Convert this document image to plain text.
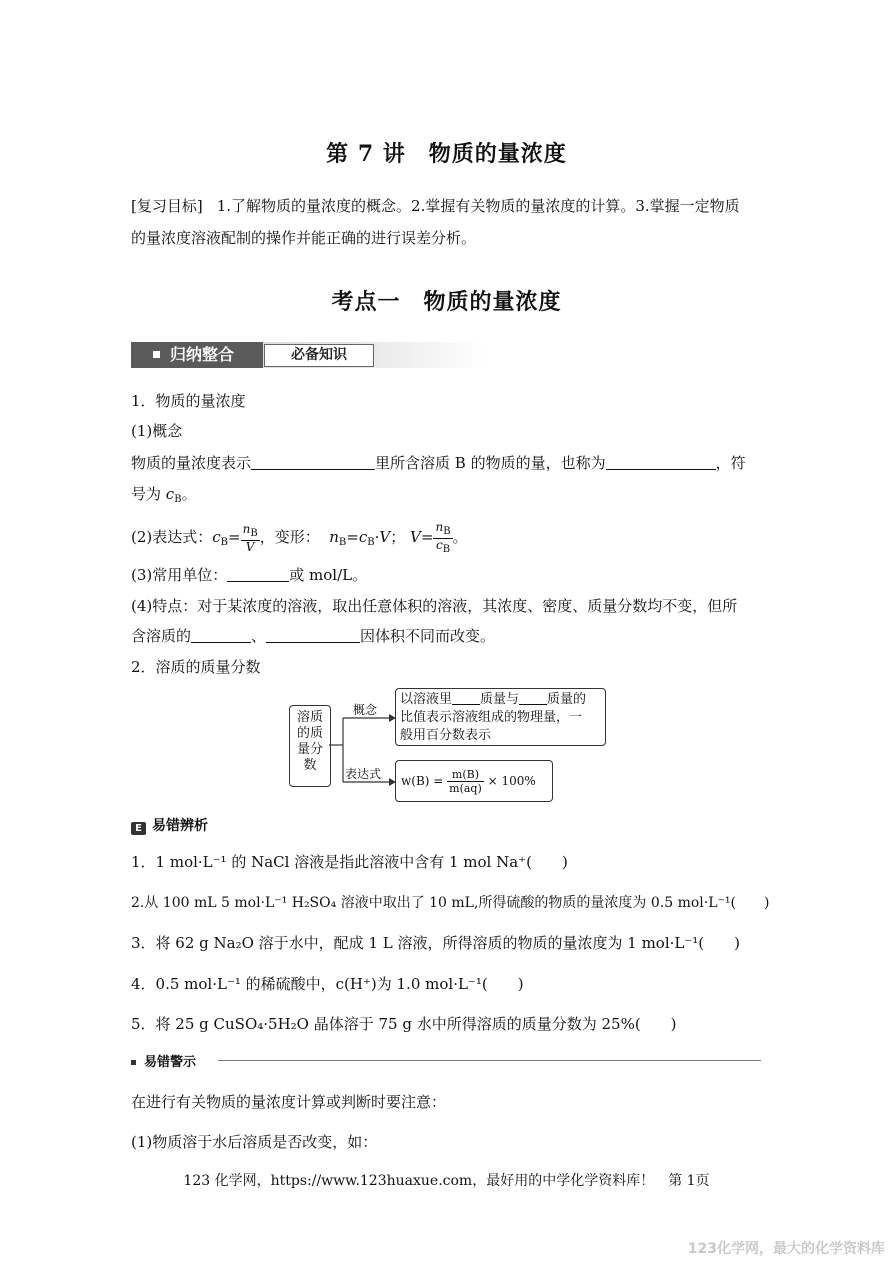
第 7 讲　物质的量浓度
[复习目标] 1.了解物质的量浓度的概念。2.掌握有关物质的量浓度的计算。3.掌握一定物质
的量浓度溶液配制的操作并能正确的进行误差分析。
考点一　物质的量浓度
归纳整合	必备知识
1．物质的量浓度
(1)概念
物质的量浓度表示	里所含溶质 B 的物质的量，也称为	，符
号为 $c_B$。
(2)表达式：$c_B= \frac{n_B}{V}$ ，变形： $n_B=c_B\cdot V$； $V= \frac{n_B}{c_B}$ 。
(3)常用单位：	或 mol/L。
(4)特点：对于某浓度的溶液，取出任意体积的溶液，其浓度、密度、质量分数均不变，但所
含溶质的	、	因体积不同而改变。
2．溶质的质量分数
溶质
的质
量分
数
概念
表达式
以溶液里 质量与 质量的
比值表示溶液组成的物理量，一
般用百分数表示
$w(B) = \frac{m(B)}{m(aq)} \times 100\%$
E 易错辨析
1．1 mol·L⁻¹ 的 NaCl 溶液是指此溶液中含有 1 mol Na⁺(　　)
2.从 100 mL 5 mol·L⁻¹ H₂SO₄ 溶液中取出了 10 mL,所得硫酸的物质的量浓度为 0.5 mol·L⁻¹(　　)
3．将 62 g Na₂O 溶于水中，配成 1 L 溶液，所得溶质的物质的量浓度为 1 mol·L⁻¹(　　)
4．0.5 mol·L⁻¹ 的稀硫酸中，c(H⁺)为 1.0 mol·L⁻¹(　　)
5．将 25 g CuSO₄·5H₂O 晶体溶于 75 g 水中所得溶质的质量分数为 25%(　　)
易错警示
在进行有关物质的量浓度计算或判断时要注意：
(1)物质溶于水后溶质是否改变，如：
123 化学网，https://www.123huaxue.com，最好用的中学化学资料库！　第 1页
123化学网，最大的化学资料库
